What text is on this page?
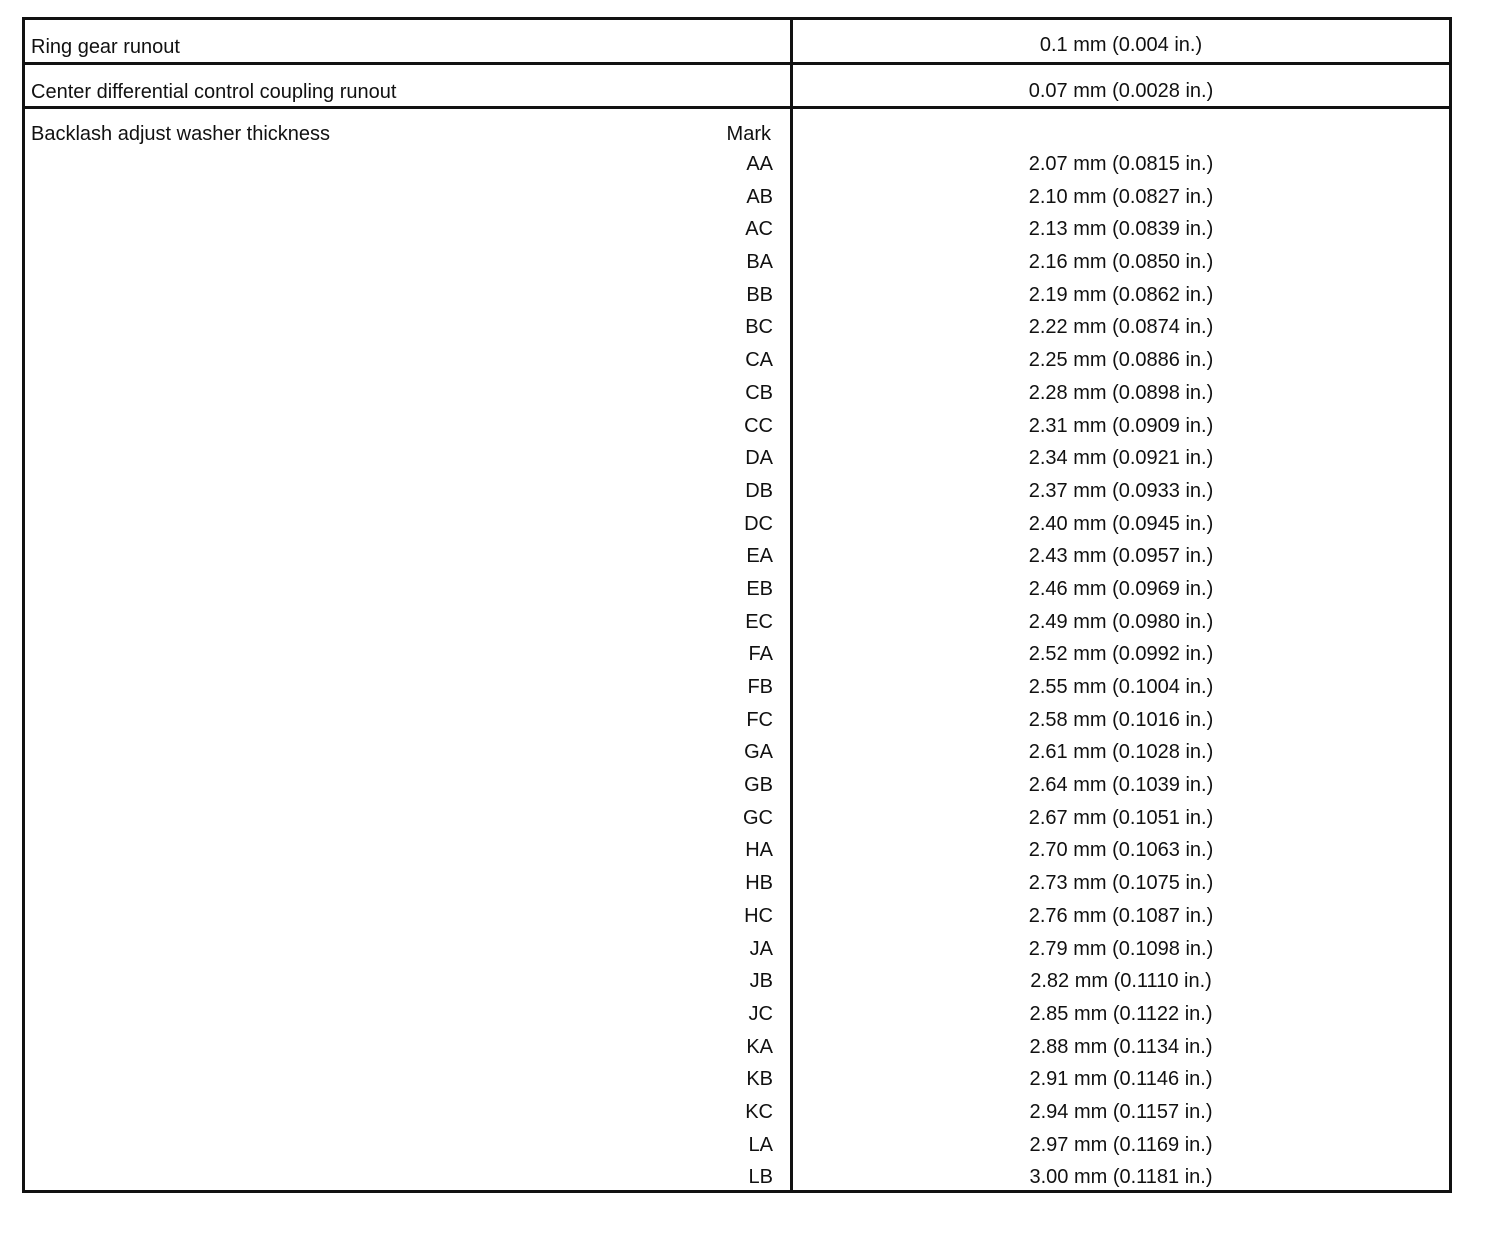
Ring gear runout	0.1 mm (0.004 in.)
Center differential control coupling runout	0.07 mm (0.0028 in.)
Backlash adjust washer thickness	Mark
AA	2.07 mm (0.0815 in.)
AB	2.10 mm (0.0827 in.)
AC	2.13 mm (0.0839 in.)
BA	2.16 mm (0.0850 in.)
BB	2.19 mm (0.0862 in.)
BC	2.22 mm (0.0874 in.)
CA	2.25 mm (0.0886 in.)
CB	2.28 mm (0.0898 in.)
CC	2.31 mm (0.0909 in.)
DA	2.34 mm (0.0921 in.)
DB	2.37 mm (0.0933 in.)
DC	2.40 mm (0.0945 in.)
EA	2.43 mm (0.0957 in.)
EB	2.46 mm (0.0969 in.)
EC	2.49 mm (0.0980 in.)
FA	2.52 mm (0.0992 in.)
FB	2.55 mm (0.1004 in.)
FC	2.58 mm (0.1016 in.)
GA	2.61 mm (0.1028 in.)
GB	2.64 mm (0.1039 in.)
GC	2.67 mm (0.1051 in.)
HA	2.70 mm (0.1063 in.)
HB	2.73 mm (0.1075 in.)
HC	2.76 mm (0.1087 in.)
JA	2.79 mm (0.1098 in.)
JB	2.82 mm (0.1110 in.)
JC	2.85 mm (0.1122 in.)
KA	2.88 mm (0.1134 in.)
KB	2.91 mm (0.1146 in.)
KC	2.94 mm (0.1157 in.)
LA	2.97 mm (0.1169 in.)
LB	3.00 mm (0.1181 in.)
